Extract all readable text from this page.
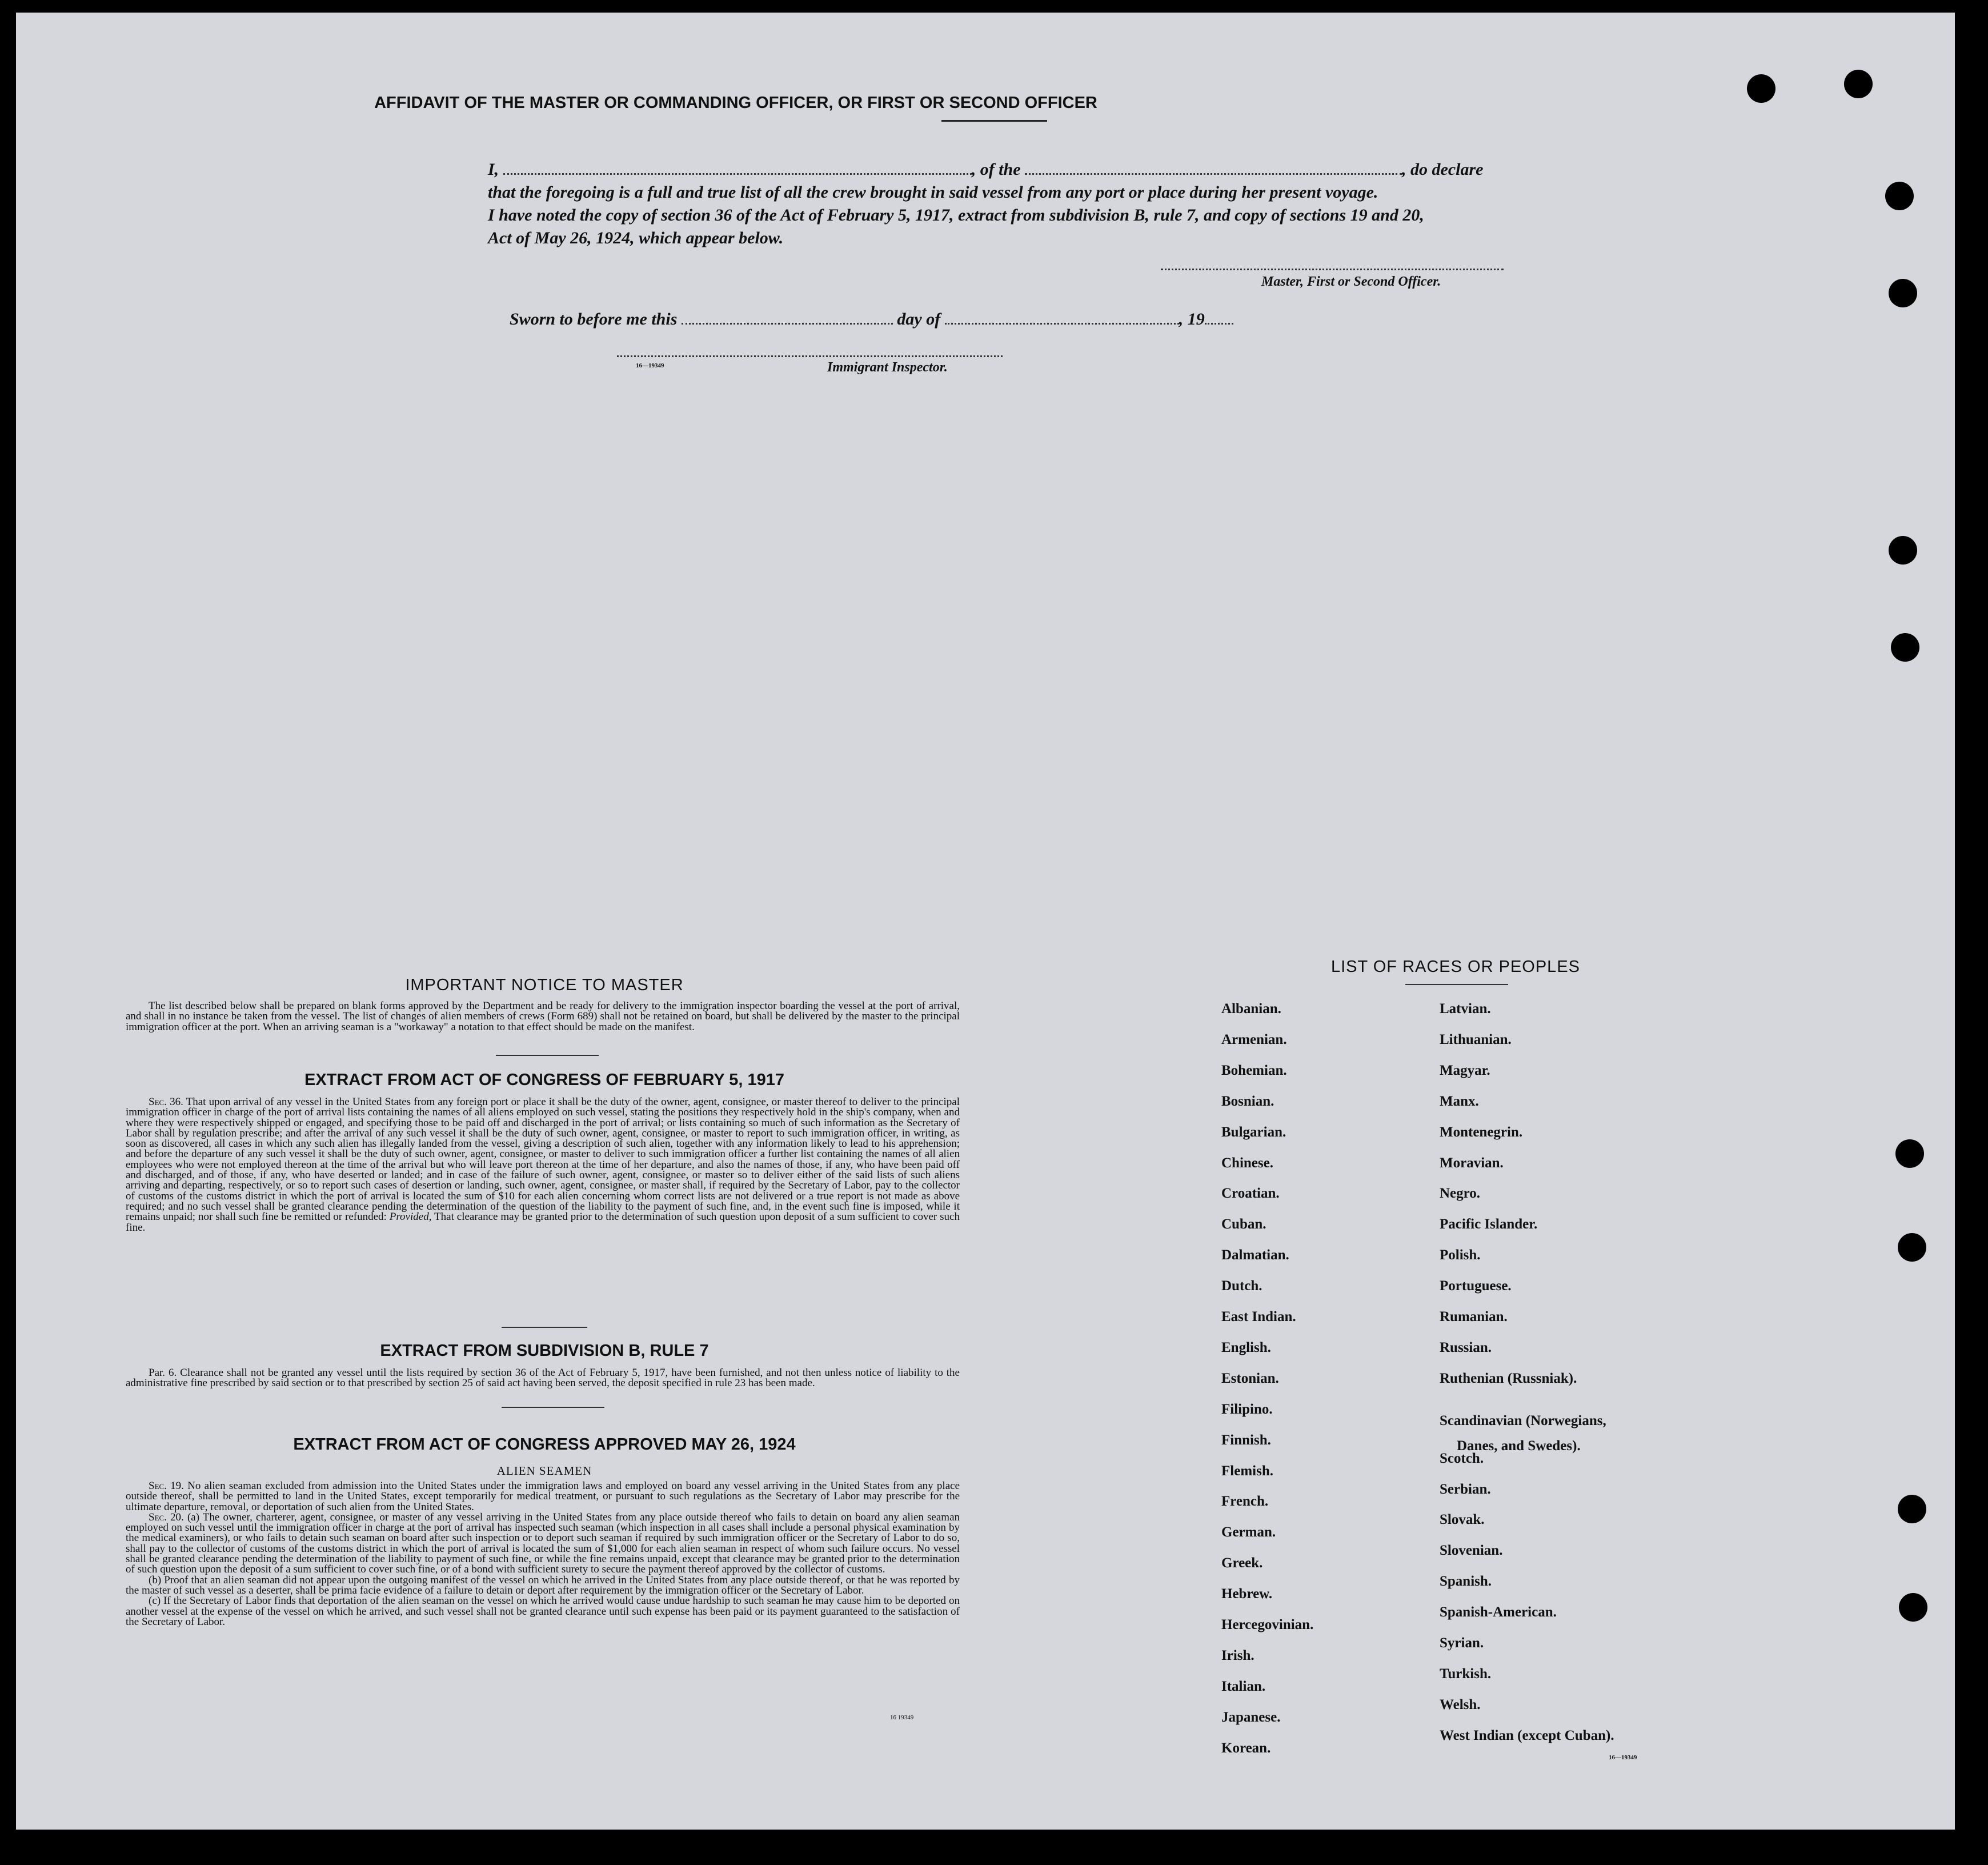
AFFIDAVIT OF THE MASTER OR COMMANDING OFFICER, OR FIRST OR SECOND OFFICER
I,	, of the	, do declare
that the foregoing is a full and true list of all the crew brought in said vessel from any port or place during her present voyage.
I have noted the copy of section 36 of the Act of February 5, 1917, extract from subdivision B, rule 7, and copy of sections 19 and 20,
Act of May 26, 1924, which appear below.
Master, First or Second Officer.
Sworn to before me this	day of	, 19
16—19349	Immigrant Inspector.
IMPORTANT NOTICE TO MASTER

The list described below shall be prepared on blank forms approved by the Department and be ready for delivery to the immigration inspector boarding the vessel at the port of arrival, and shall in no instance be taken from the vessel. The list of changes of alien members of crews (Form 689) shall not be retained on board, but shall be delivered by the master to the principal immigration officer at the port. When an arriving seaman is a "workaway" a notation to that effect should be made on the manifest.

EXTRACT FROM ACT OF CONGRESS OF FEBRUARY 5, 1917

Sec. 36. That upon arrival of any vessel in the United States from any foreign port or place it shall be the duty of the owner, agent, consignee, or master thereof to deliver to the principal immigration officer in charge of the port of arrival lists containing the names of all aliens employed on such vessel, stating the positions they respectively hold in the ship's company, when and where they were respectively shipped or engaged, and specifying those to be paid off and discharged in the port of arrival; or lists containing so much of such information as the Secretary of Labor shall by regulation prescribe; and after the arrival of any such vessel it shall be the duty of such owner, agent, consignee, or master to report to such immigration officer, in writing, as soon as discovered, all cases in which any such alien has illegally landed from the vessel, giving a description of such alien, together with any information likely to lead to his apprehension; and before the departure of any such vessel it shall be the duty of such owner, agent, consignee, or master to deliver to such immigration officer a further list containing the names of all alien employees who were not employed thereon at the time of the arrival but who will leave port thereon at the time of her departure, and also the names of those, if any, who have been paid off and discharged, and of those, if any, who have deserted or landed; and in case of the failure of such owner, agent, consignee, or master so to deliver either of the said lists of such aliens arriving and departing, respectively, or so to report such cases of desertion or landing, such owner, agent, consignee, or master shall, if required by the Secretary of Labor, pay to the collector of customs of the customs district in which the port of arrival is located the sum of $10 for each alien concerning whom correct lists are not delivered or a true report is not made as above required; and no such vessel shall be granted clearance pending the determination of the question of the liability to the payment of such fine, and, in the event such fine is imposed, while it remains unpaid; nor shall such fine be remitted or refunded: Provided, That clearance may be granted prior to the determination of such question upon deposit of a sum sufficient to cover such fine.

EXTRACT FROM SUBDIVISION B, RULE 7

Par. 6. Clearance shall not be granted any vessel until the lists required by section 36 of the Act of February 5, 1917, have been furnished, and not then unless notice of liability to the administrative fine prescribed by said section or to that prescribed by section 25 of said act having been served, the deposit specified in rule 23 has been made.

EXTRACT FROM ACT OF CONGRESS APPROVED MAY 26, 1924
ALIEN SEAMEN

Sec. 19. No alien seaman excluded from admission into the United States under the immigration laws and employed on board any vessel arriving in the United States from any place outside thereof, shall be permitted to land in the United States, except temporarily for medical treatment, or pursuant to such regulations as the Secretary of Labor may prescribe for the ultimate departure, removal, or deportation of such alien from the United States.

Sec. 20. (a) The owner, charterer, agent, consignee, or master of any vessel arriving in the United States from any place outside thereof who fails to detain on board any alien seaman employed on such vessel until the immigration officer in charge at the port of arrival has inspected such seaman (which inspection in all cases shall include a personal physical examination by the medical examiners), or who fails to detain such seaman on board after such inspection or to deport such seaman if required by such immigration officer or the Secretary of Labor to do so, shall pay to the collector of customs of the customs district in which the port of arrival is located the sum of $1,000 for each alien seaman in respect of whom such failure occurs. No vessel shall be granted clearance pending the determination of the liability to payment of such fine, or while the fine remains unpaid, except that clearance may be granted prior to the determination of such question upon the deposit of a sum sufficient to cover such fine, or of a bond with sufficient surety to secure the payment thereof approved by the collector of customs.

(b) Proof that an alien seaman did not appear upon the outgoing manifest of the vessel on which he arrived in the United States from any place outside thereof, or that he was reported by the master of such vessel as a deserter, shall be prima facie evidence of a failure to detain or deport after requirement by the immigration officer or the Secretary of Labor.

(c) If the Secretary of Labor finds that deportation of the alien seaman on the vessel on which he arrived would cause undue hardship to such seaman he may cause him to be deported on another vessel at the expense of the vessel on which he arrived, and such vessel shall not be granted clearance until such expense has been paid or its payment guaranteed to the satisfaction of the Secretary of Labor.

16 19349
LIST OF RACES OR PEOPLES
Albanian.
Armenian.
Bohemian.
Bosnian.
Bulgarian.
Chinese.
Croatian.
Cuban.
Dalmatian.
Dutch.
East Indian.
English.
Estonian.
Filipino.
Finnish.
Flemish.
French.
German.
Greek.
Hebrew.
Hercegovinian.
Irish.
Italian.
Japanese.
Korean.
Latvian.
Lithuanian.
Magyar.
Manx.
Montenegrin.
Moravian.
Negro.
Pacific Islander.
Polish.
Portuguese.
Rumanian.
Russian.
Ruthenian (Russniak).
Scandinavian (Norwegians,
Danes, and Swedes).
Scotch.
Serbian.
Slovak.
Slovenian.
Spanish.
Spanish-American.
Syrian.
Turkish.
Welsh.
West Indian (except Cuban).
16—19349
